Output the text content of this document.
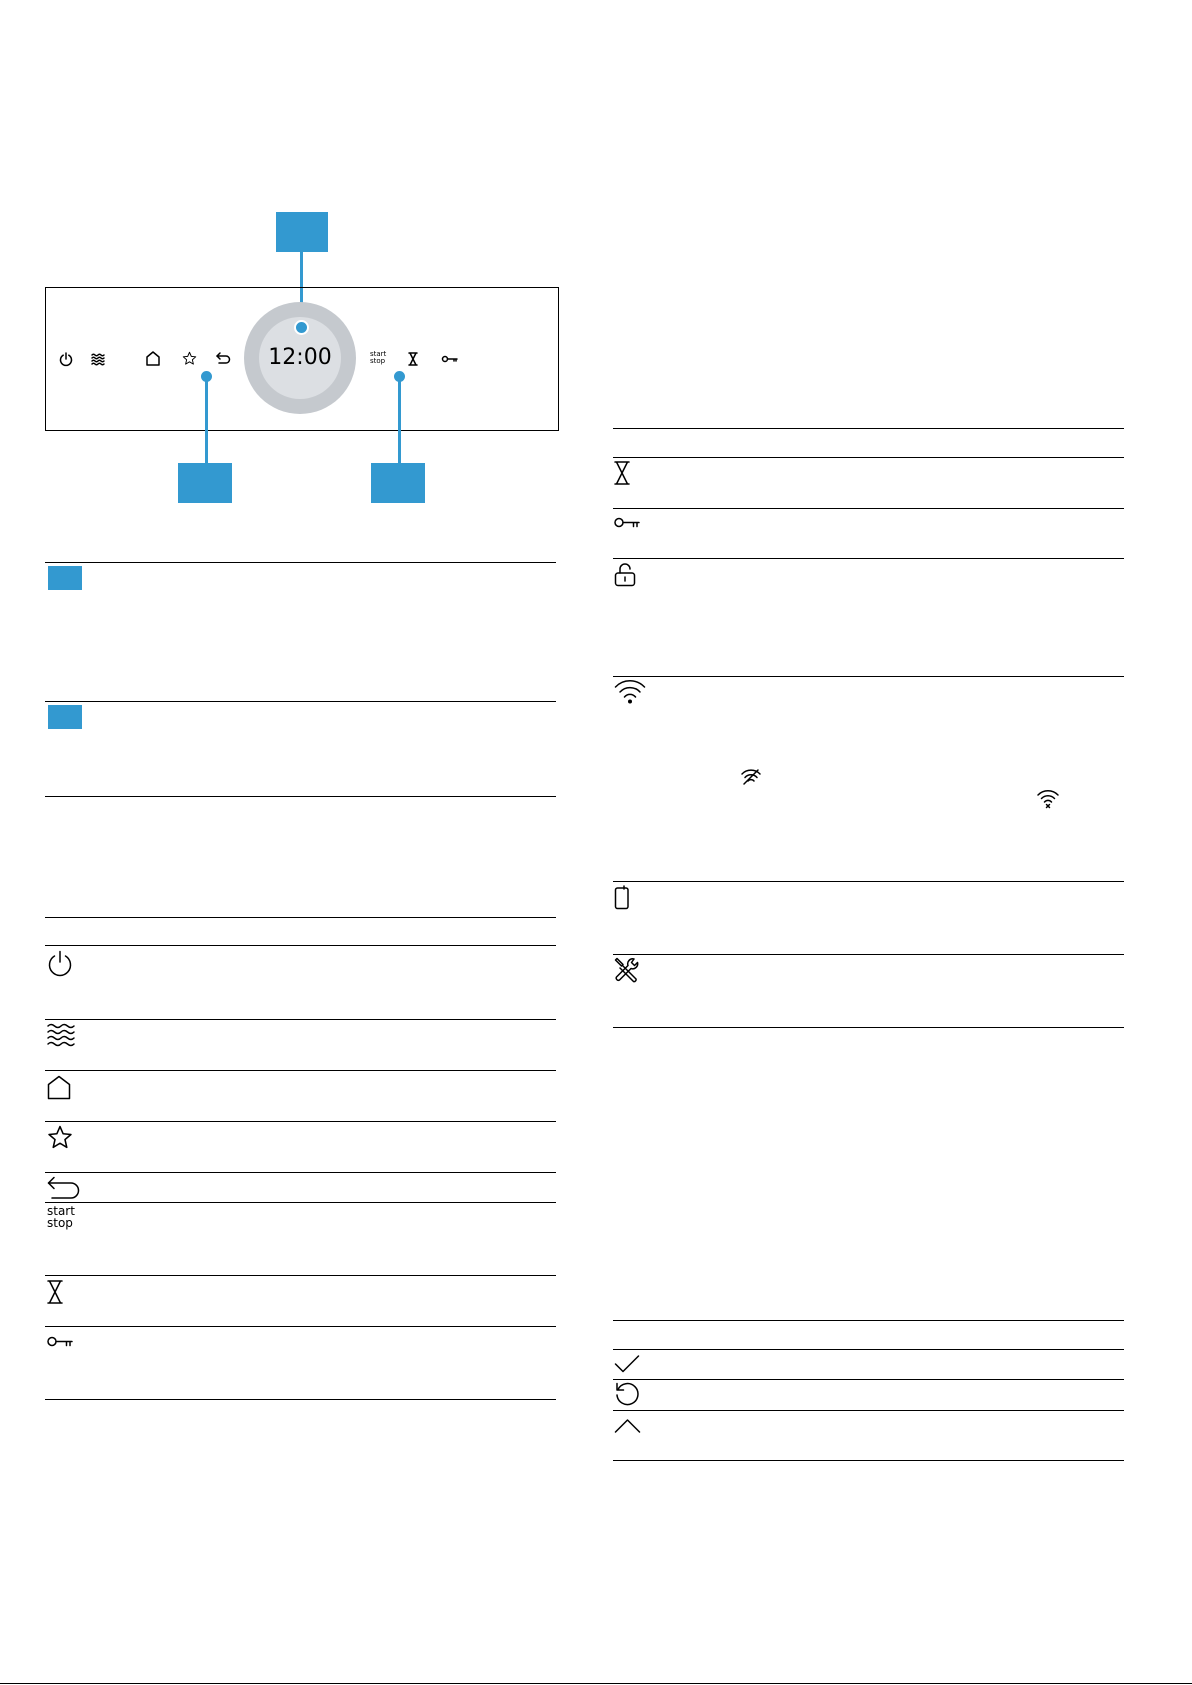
12:00	start
stop
start
stop
